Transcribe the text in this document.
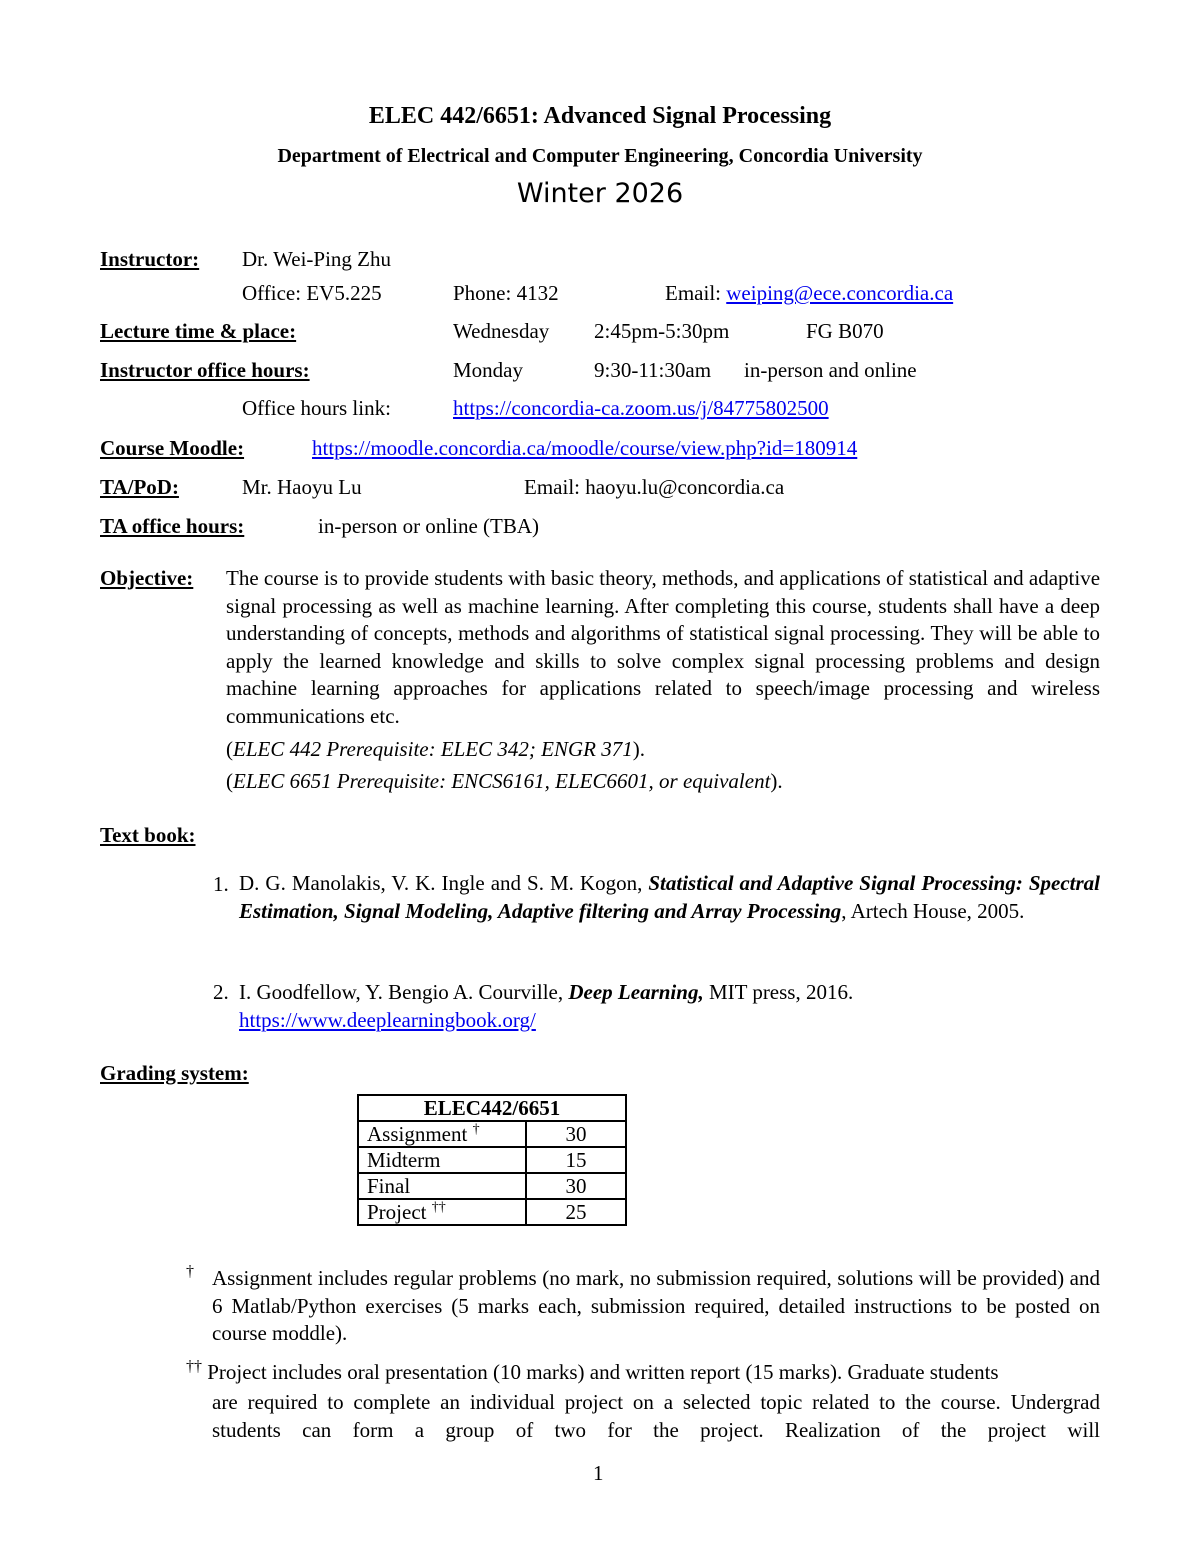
ELEC 442/6651: Advanced Signal Processing
Department of Electrical and Computer Engineering, Concordia University
Winter 2026
Instructor: Dr. Wei-Ping Zhu
Office: EV5.225	Phone: 4132	Email: weiping@ece.concordia.ca
Lecture time & place:	Wednesday 2:45pm-5:30pm	FG B070
Instructor office hours:	Monday	9:30-11:30am in-person and online
Office hours link:	https://concordia-ca.zoom.us/j/84775802500
Course Moodle:	https://moodle.concordia.ca/moodle/course/view.php?id=180914
TA/PoD:	Mr. Haoyu Lu	Email: haoyu.lu@concordia.ca
TA office hours:	in-person or online (TBA)
Objective: The course is to provide students with basic theory, methods, and applications of statistical and adaptive signal processing as well as machine learning. After completing this course, students shall have a deep understanding of concepts, methods and algorithms of statistical signal processing. They will be able to apply the learned knowledge and skills to solve complex signal processing problems and design machine learning approaches for applications related to speech/image processing and wireless communications etc.
(ELEC 442 Prerequisite: ELEC 342; ENGR 371).
(ELEC 6651 Prerequisite: ENCS6161, ELEC6601, or equivalent).
Text book:
1. D. G. Manolakis, V. K. Ingle and S. M. Kogon, Statistical and Adaptive Signal Processing: Spectral Estimation, Signal Modeling, Adaptive filtering and Array Processing, Artech House, 2005.
2. I. Goodfellow, Y. Bengio A. Courville, Deep Learning, MIT press, 2016.
https://www.deeplearningbook.org/
Grading system:
ELEC442/6651	
Assignment †	30
Midterm	15
Final	30
Project ††	25
† Assignment includes regular problems (no mark, no submission required, solutions will be provided) and 6 Matlab/Python exercises (5 marks each, submission required, detailed instructions to be posted on course moddle).
†† Project includes oral presentation (10 marks) and written report (15 marks). Graduate students
are required to complete an individual project on a selected topic related to the course. Undergrad students can form a group of two for the project. Realization of the project will
1
